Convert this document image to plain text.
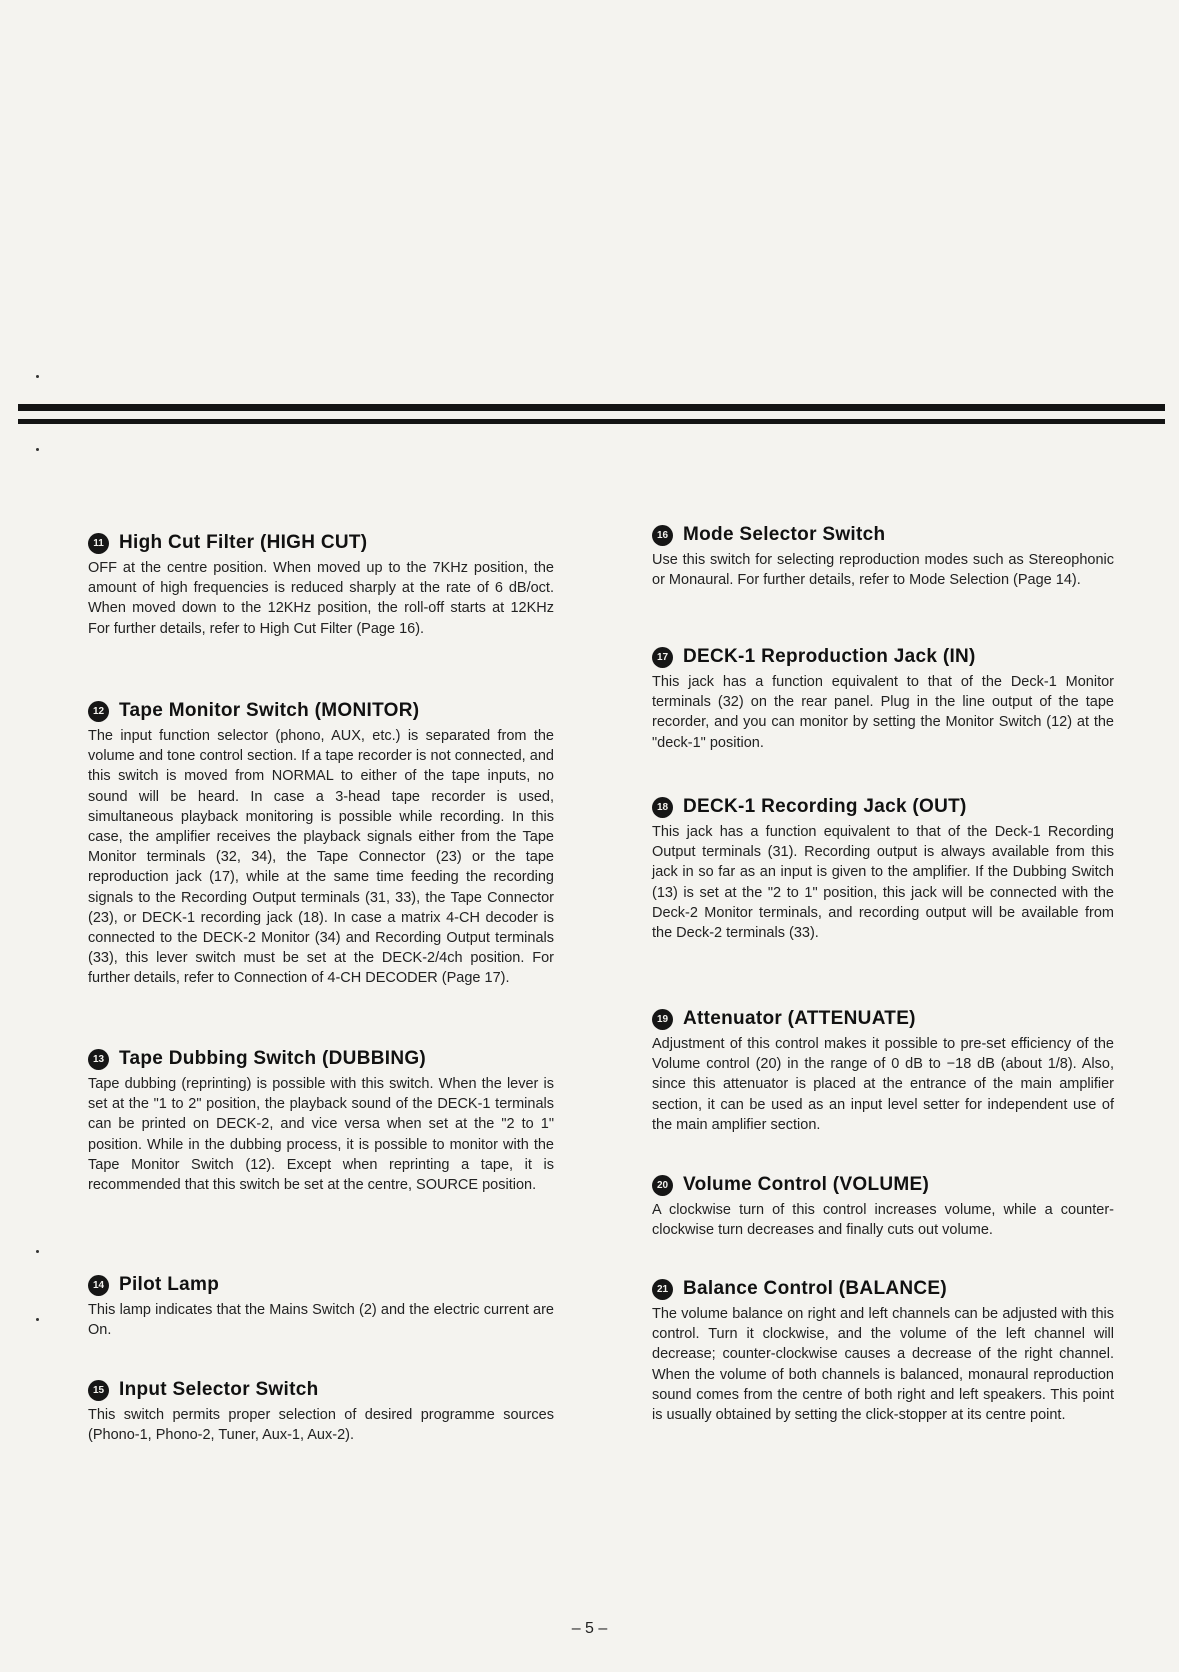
11 High Cut Filter (HIGH CUT)

OFF at the centre position. When moved up to the 7KHz position, the amount of high frequencies is reduced sharply at the rate of 6 dB/oct. When moved down to the 12KHz position, the roll-off starts at 12KHz For further details, refer to High Cut Filter (Page 16).

12 Tape Monitor Switch (MONITOR)

The input function selector (phono, AUX, etc.) is separated from the volume and tone control section. If a tape recorder is not connected, and this switch is moved from NORMAL to either of the tape inputs, no sound will be heard. In case a 3-head tape recorder is used, simultaneous playback monitoring is possible while recording. In this case, the amplifier receives the playback signals either from the Tape Monitor terminals (32, 34), the Tape Connector (23) or the tape reproduction jack (17), while at the same time feeding the recording signals to the Recording Output terminals (31, 33), the Tape Connector (23), or DECK-1 recording jack (18). In case a matrix 4-CH decoder is connected to the DECK-2 Monitor (34) and Recording Output terminals (33), this lever switch must be set at the DECK-2/4ch position. For further details, refer to Connection of 4-CH DECODER (Page 17).

13 Tape Dubbing Switch (DUBBING)

Tape dubbing (reprinting) is possible with this switch. When the lever is set at the "1 to 2" position, the playback sound of the DECK-1 terminals can be printed on DECK-2, and vice versa when set at the "2 to 1" position. While in the dubbing process, it is possible to monitor with the Tape Monitor Switch (12). Except when reprinting a tape, it is recommended that this switch be set at the centre, SOURCE position.

14 Pilot Lamp

This lamp indicates that the Mains Switch (2) and the electric current are On.

15 Input Selector Switch

This switch permits proper selection of desired programme sources (Phono-1, Phono-2, Tuner, Aux-1, Aux-2).

16 Mode Selector Switch

Use this switch for selecting reproduction modes such as Stereophonic or Monaural. For further details, refer to Mode Selection (Page 14).

17 DECK-1 Reproduction Jack (IN)

This jack has a function equivalent to that of the Deck-1 Monitor terminals (32) on the rear panel. Plug in the line output of the tape recorder, and you can monitor by setting the Monitor Switch (12) at the "deck-1" position.

18 DECK-1 Recording Jack (OUT)

This jack has a function equivalent to that of the Deck-1 Recording Output terminals (31). Recording output is always available from this jack in so far as an input is given to the amplifier. If the Dubbing Switch (13) is set at the "2 to 1" position, this jack will be connected with the Deck-2 Monitor terminals, and recording output will be available from the Deck-2 terminals (33).

19 Attenuator (ATTENUATE)

Adjustment of this control makes it possible to pre-set efficiency of the Volume control (20) in the range of 0 dB to −18 dB (about 1/8). Also, since this attenuator is placed at the entrance of the main amplifier section, it can be used as an input level setter for independent use of the main amplifier section.

20 Volume Control (VOLUME)

A clockwise turn of this control increases volume, while a counter-clockwise turn decreases and finally cuts out volume.

21 Balance Control (BALANCE)

The volume balance on right and left channels can be adjusted with this control. Turn it clockwise, and the volume of the left channel will decrease; counter-clockwise causes a decrease of the right channel. When the volume of both channels is balanced, monaural reproduction sound comes from the centre of both right and left speakers. This point is usually obtained by setting the click-stopper at its centre point.

– 5 –
